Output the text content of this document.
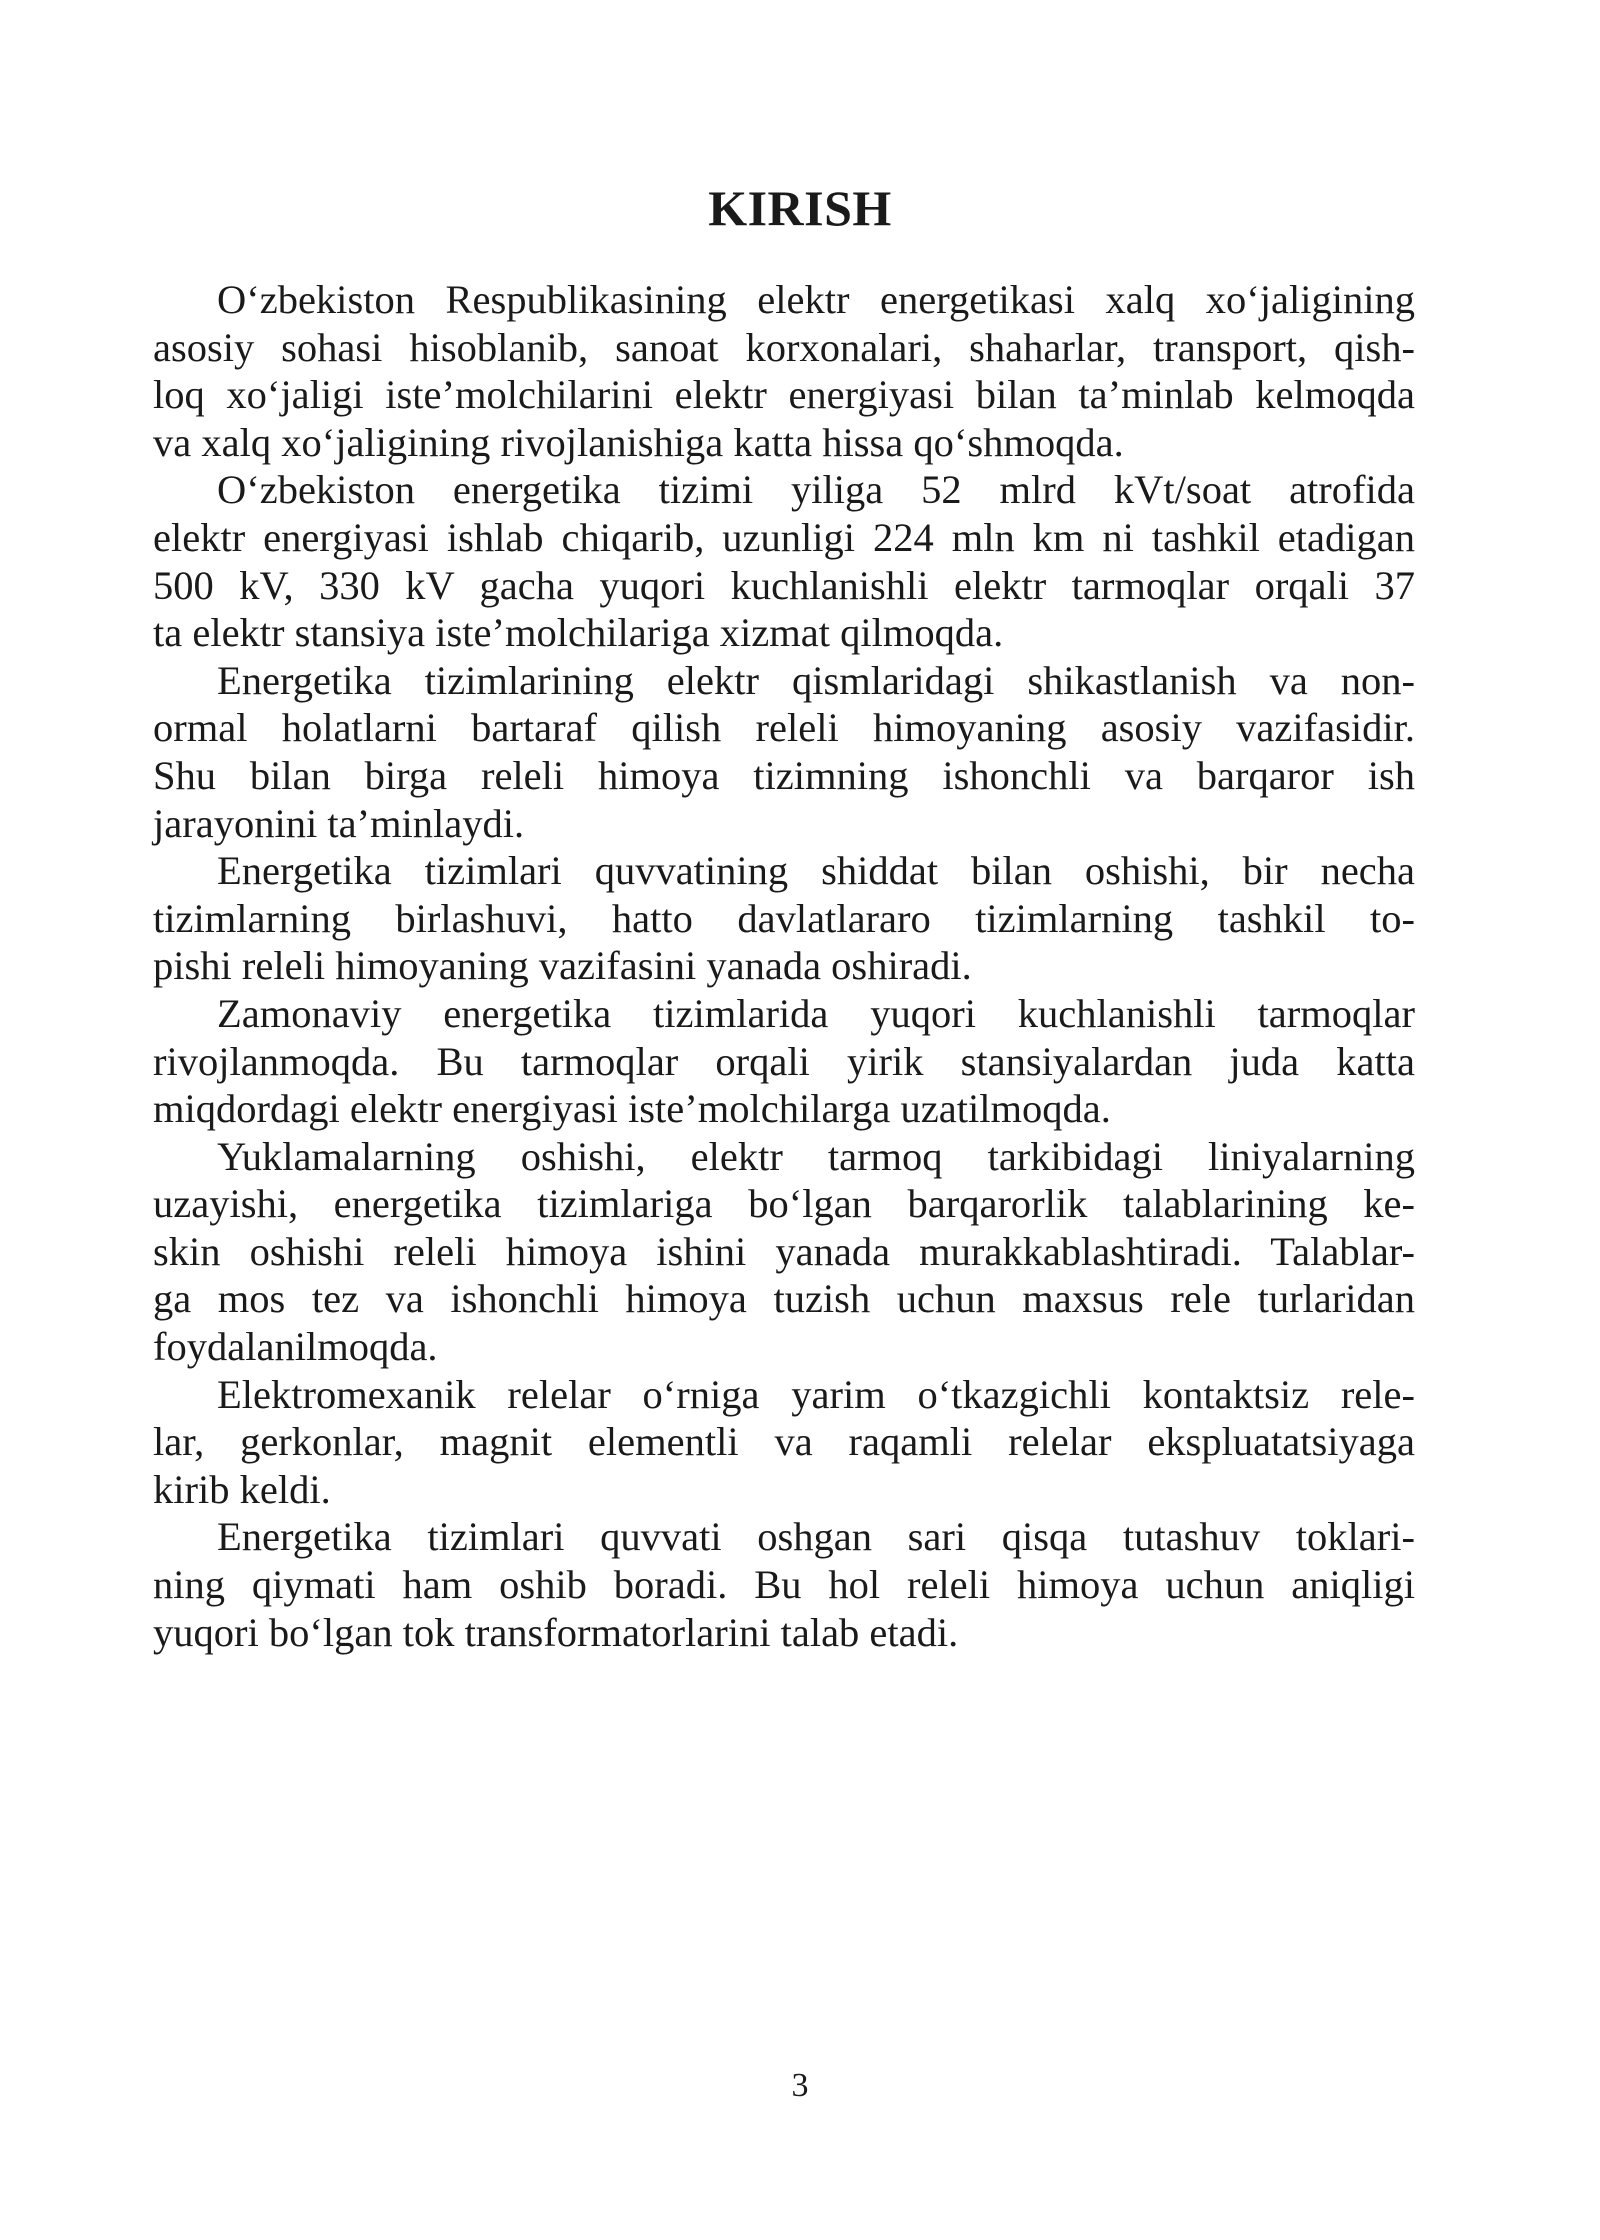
KIRISH

O‘zbekiston Respublikasining elektr energetikasi xalq xo‘jaligining
asosiy sohasi hisoblanib, sanoat korxonalari, shaharlar, transport, qish-
loq xo‘jaligi iste’molchilarini elektr energiyasi bilan ta’minlab kelmoqda
va xalq xo‘jaligining rivojlanishiga katta hissa qo‘shmoqda.

O‘zbekiston energetika tizimi yiliga 52 mlrd kVt/soat atrofida
elektr energiyasi ishlab chiqarib, uzunligi 224 mln km ni tashkil etadigan
500 kV, 330 kV gacha yuqori kuchlanishli elektr tarmoqlar orqali 37
ta elektr stansiya iste’molchilariga xizmat qilmoqda.

Energetika tizimlarining elektr qismlaridagi shikastlanish va non-
ormal holatlarni bartaraf qilish releli himoyaning asosiy vazifasidir.
Shu bilan birga releli himoya tizimning ishonchli va barqaror ish
jarayonini ta’minlaydi.

Energetika tizimlari quvvatining shiddat bilan oshishi, bir necha
tizimlarning birlashuvi, hatto davlatlararo tizimlarning tashkil to-
pishi releli himoyaning vazifasini yanada oshiradi.

Zamonaviy energetika tizimlarida yuqori kuchlanishli tarmoqlar
rivojlanmoqda. Bu tarmoqlar orqali yirik stansiyalardan juda katta
miqdordagi elektr energiyasi iste’molchilarga uzatilmoqda.

Yuklamalarning oshishi, elektr tarmoq tarkibidagi liniyalarning
uzayishi, energetika tizimlariga bo‘lgan barqarorlik talablarining ke-
skin oshishi releli himoya ishini yanada murakkablashtiradi. Talablar-
ga mos tez va ishonchli himoya tuzish uchun maxsus rele turlaridan
foydalanilmoqda.

Elektromexanik relelar o‘rniga yarim o‘tkazgichli kontaktsiz rele-
lar, gerkonlar, magnit elementli va raqamli relelar ekspluatatsiyaga
kirib keldi.

Energetika tizimlari quvvati oshgan sari qisqa tutashuv toklari-
ning qiymati ham oshib boradi. Bu hol releli himoya uchun aniqligi
yuqori bo‘lgan tok transformatorlarini talab etadi.

3
